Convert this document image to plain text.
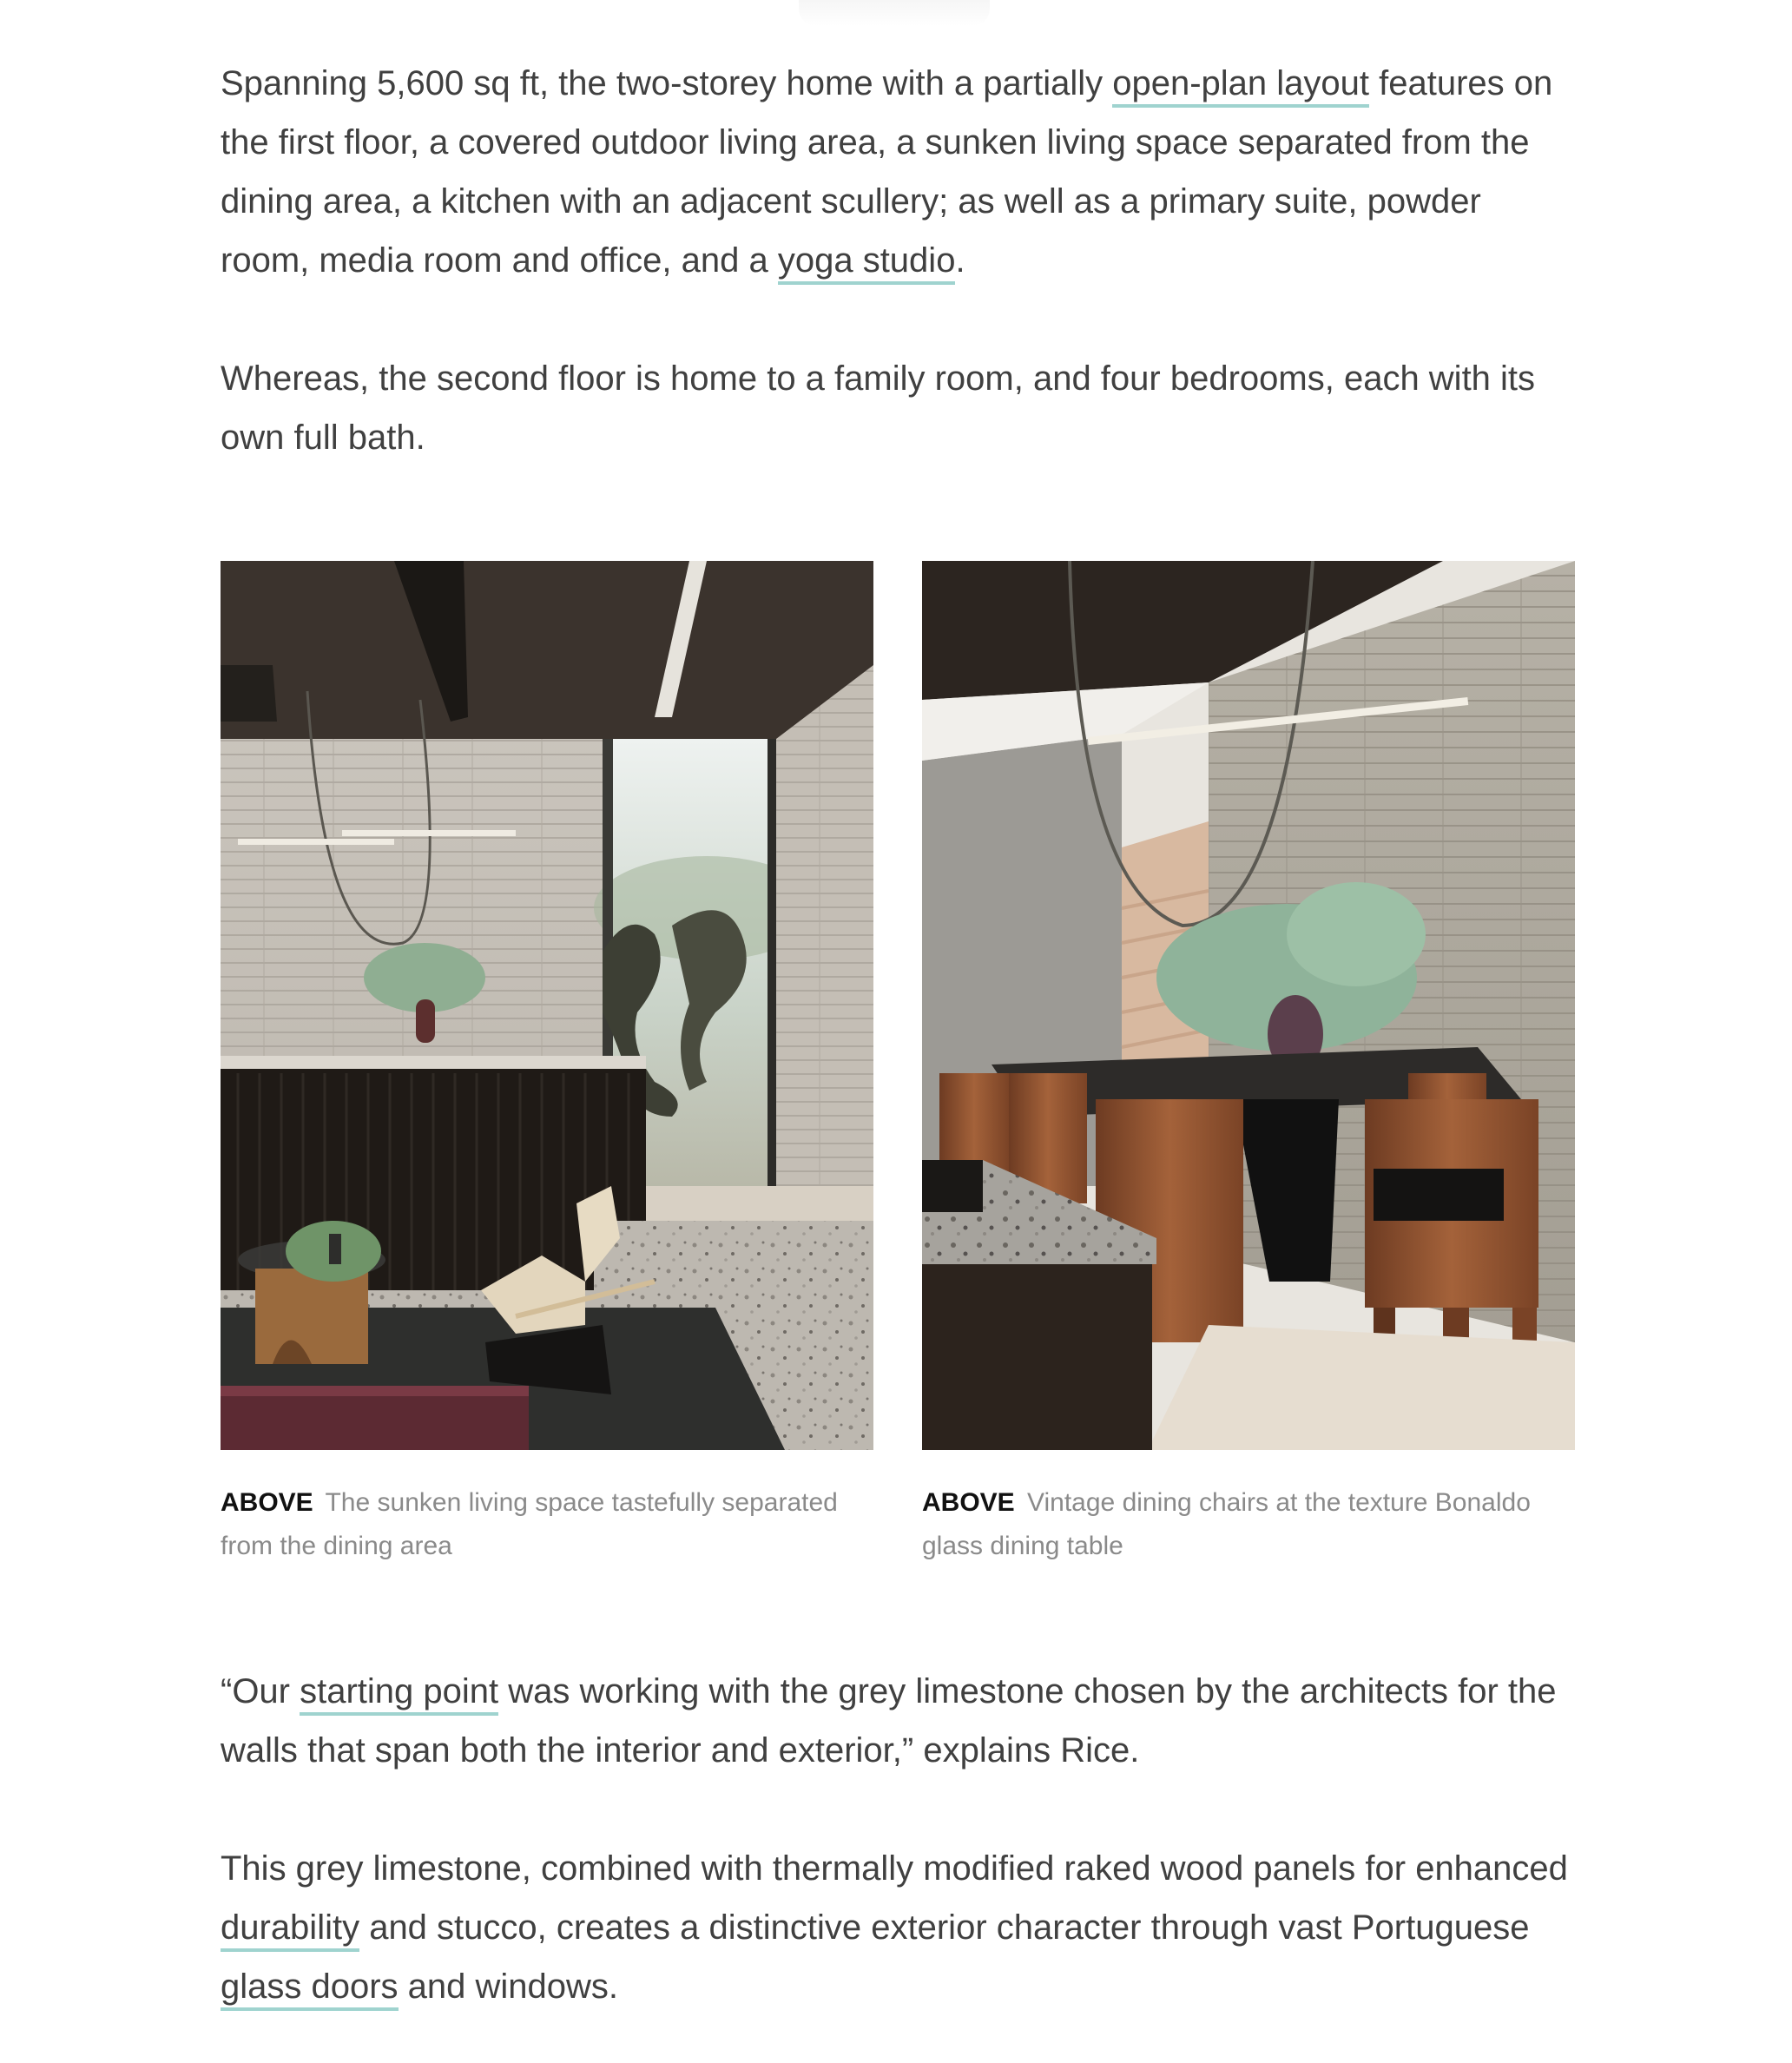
Spanning 5,600 sq ft, the two-storey home with a partially open-plan layout features on the first floor, a covered outdoor living area, a sunken living space separated from the dining area, a kitchen with an adjacent scullery; as well as a primary suite, powder room, media room and office, and a yoga studio.

Whereas, the second floor is home to a family room, and four bedrooms, each with its own full bath.

ABOVE The sunken living space tastefully separated from the dining area
ABOVE Vintage dining chairs at the texture Bonaldo glass dining table

“Our starting point was working with the grey limestone chosen by the architects for the walls that span both the interior and exterior,” explains Rice.

This grey limestone, combined with thermally modified raked wood panels for enhanced durability and stucco, creates a distinctive exterior character through vast Portuguese glass doors and windows.
